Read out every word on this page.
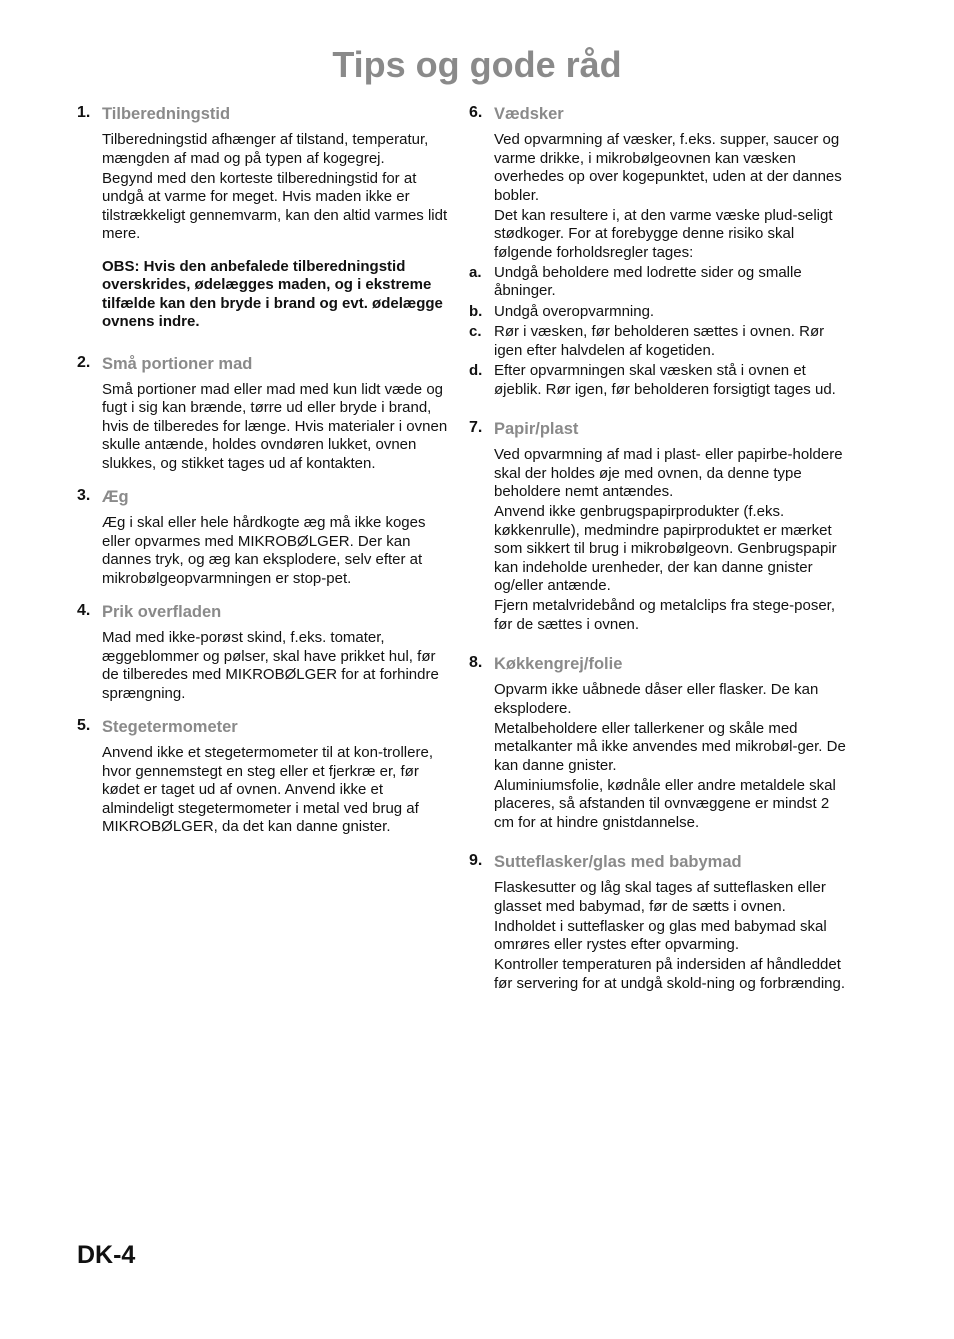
Tips og gode råd
1. Tilberedningstid

Tilberedningstid afhænger af tilstand, temperatur, mængden af mad og på typen af kogegrej.

Begynd med den korteste tilberedningstid for at undgå at varme for meget. Hvis maden ikke er tilstrækkeligt gennemvarm, kan den altid varmes lidt mere.

OBS: Hvis den anbefalede tilberedningstid overskrides, ødelægges maden, og i ekstreme tilfælde kan den bryde i brand og evt. ødelægge ovnens indre.

2. Små portioner mad

Små portioner mad eller mad med kun lidt væde og fugt i sig kan brænde, tørre ud eller bryde i brand, hvis de tilberedes for længe. Hvis materialer i ovnen skulle antænde, holdes ovndøren lukket, ovnen slukkes, og stikket tages ud af kontakten.

3. Æg

Æg i skal eller hele hårdkogte æg må ikke koges eller opvarmes med MIKROBØLGER. Der kan dannes tryk, og æg kan eksplodere, selv efter at mikrobølgeopvarmningen er stop-pet.

4. Prik overfladen

Mad med ikke-porøst skind, f.eks. tomater, æggeblommer og pølser, skal have prikket hul, før de tilberedes med MIKROBØLGER for at forhindre sprængning.

5. Stegetermometer

Anvend ikke et stegetermometer til at kon-trollere, hvor gennemstegt en steg eller et fjerkræ er, før kødet er taget ud af ovnen. Anvend ikke et almindeligt stegetermometer i metal ved brug af MIKROBØLGER, da det kan danne gnister.

6. Vædsker

Ved opvarmning af væsker, f.eks. supper, saucer og varme drikke, i mikrobølgeovnen kan væsken overhedes op over kogepunktet, uden at der dannes bobler.

Det kan resultere i, at den varme væske plud-seligt stødkoger. For at forebygge denne risiko skal følgende forholdsregler tages:

a. Undgå beholdere med lodrette sider og smalle åbninger.
b. Undgå overopvarmning.
c. Rør i væsken, før beholderen sættes i ovnen. Rør igen efter halvdelen af kogetiden.
d. Efter opvarmningen skal væsken stå i ovnen et øjeblik. Rør igen, før beholderen forsigtigt tages ud.
7. Papir/plast

Ved opvarmning af mad i plast- eller papirbe-holdere skal der holdes øje med ovnen, da denne type beholdere nemt antændes.

Anvend ikke genbrugspapirprodukter (f.eks. køkkenrulle), medmindre papirproduktet er mærket som sikkert til brug i mikrobølgeovn. Genbrugspapir kan indeholde urenheder, der kan danne gnister og/eller antænde.

Fjern metalvridebånd og metalclips fra stege-poser, før de sættes i ovnen.

8. Køkkengrej/folie

Opvarm ikke uåbnede dåser eller flasker. De kan eksplodere.

Metalbeholdere eller tallerkener og skåle med metalkanter må ikke anvendes med mikrobøl-ger. De kan danne gnister.

Aluminiumsfolie, kødnåle eller andre metaldele skal placeres, så afstanden til ovnvæggene er mindst 2 cm for at hindre gnistdannelse.

9. Sutteflasker/glas med babymad

Flaskesutter og låg skal tages af sutteflasken eller glasset med babymad, før de sætts i ovnen.

Indholdet i sutteflasker og glas med babymad skal omrøres eller rystes efter opvarming.

Kontroller temperaturen på indersiden af håndleddet før servering for at undgå skold-ning og forbrænding.

DK-4
